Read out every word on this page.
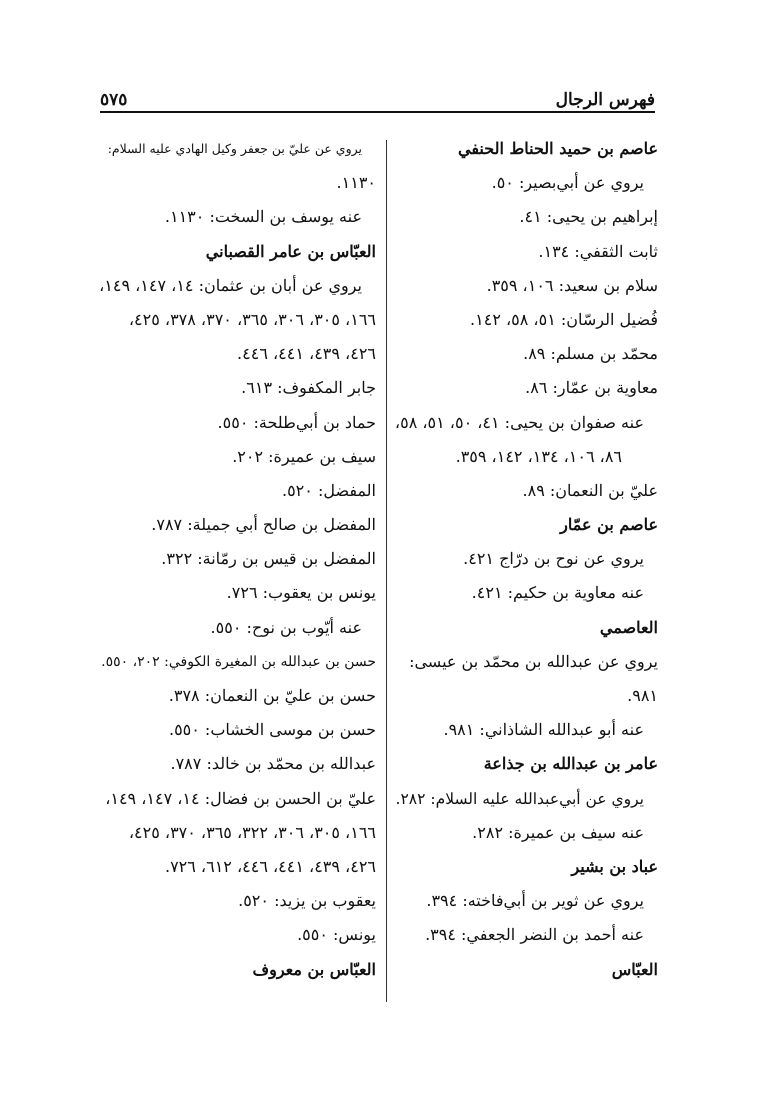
٥٧٥	فهرس الرجال
عاصم بن حميد الحناط الحنفي
يروي عن أبي‌بصير: ٥٠.
إبراهيم بن يحيى: ٤١.
ثابت الثقفي: ١٣٤.
سلام بن سعيد: ١٠٦، ٣٥٩.
فُضيل الرسّان: ٥١، ٥٨، ١٤٢.
محمّد بن مسلم: ٨٩.
معاوية بن عمّار: ٨٦.
عنه صفوان بن يحيى: ٤١، ٥٠، ٥١، ٥٨،
٨٦، ١٠٦، ١٣٤، ١٤٢، ٣٥٩.
عليّ بن النعمان: ٨٩.
عاصم بن عمّار
يروي عن نوح بن درّاج ٤٢١.
عنه معاوية بن حكيم: ٤٢١.
العاصمي
يروي عن عبدالله بن محمّد بن عيسى:
٩٨١.
عنه أبو عبدالله الشاذاني: ٩٨١.
عامر بن عبدالله بن جذاعة
يروي عن أبي‌عبدالله عليه السلام: ٢٨٢.
عنه سيف بن عميرة: ٢٨٢.
عباد بن بشير
يروي عن ثوير بن أبي‌فاخته: ٣٩٤.
عنه أحمد بن النضر الجعفي: ٣٩٤.
العبّاس
يروي عن عليّ بن جعفر وكيل الهادي عليه السلام:
١١٣٠.
عنه يوسف بن السخت: ١١٣٠.
العبّاس بن عامر القصباني
يروي عن أبان بن عثمان: ١٤، ١٤٧، ١٤٩،
١٦٦، ٣٠٥، ٣٠٦، ٣٦٥، ٣٧٠، ٣٧٨، ٤٢٥،
٤٢٦، ٤٣٩، ٤٤١، ٤٤٦.
جابر المكفوف: ٦١٣.
حماد بن أبي‌طلحة: ٥٥٠.
سيف بن عميرة: ٢٠٢.
المفضل: ٥٢٠.
المفضل بن صالح أبي جميلة: ٧٨٧.
المفضل بن قيس بن رمّانة: ٣٢٢.
يونس بن يعقوب: ٧٢٦.
عنه أيّوب بن نوح: ٥٥٠.
حسن بن عبدالله بن المغيرة الكوفي: ٢٠٢، ٥٥٠.
حسن بن عليّ بن النعمان: ٣٧٨.
حسن بن موسى الخشاب: ٥٥٠.
عبدالله بن محمّد بن خالد: ٧٨٧.
عليّ بن الحسن بن فضال: ١٤، ١٤٧، ١٤٩،
١٦٦، ٣٠٥، ٣٠٦، ٣٢٢، ٣٦٥، ٣٧٠، ٤٢٥،
٤٢٦، ٤٣٩، ٤٤١، ٤٤٦، ٦١٢، ٧٢٦.
يعقوب بن يزيد: ٥٢٠.
يونس: ٥٥٠.
العبّاس بن معروف
